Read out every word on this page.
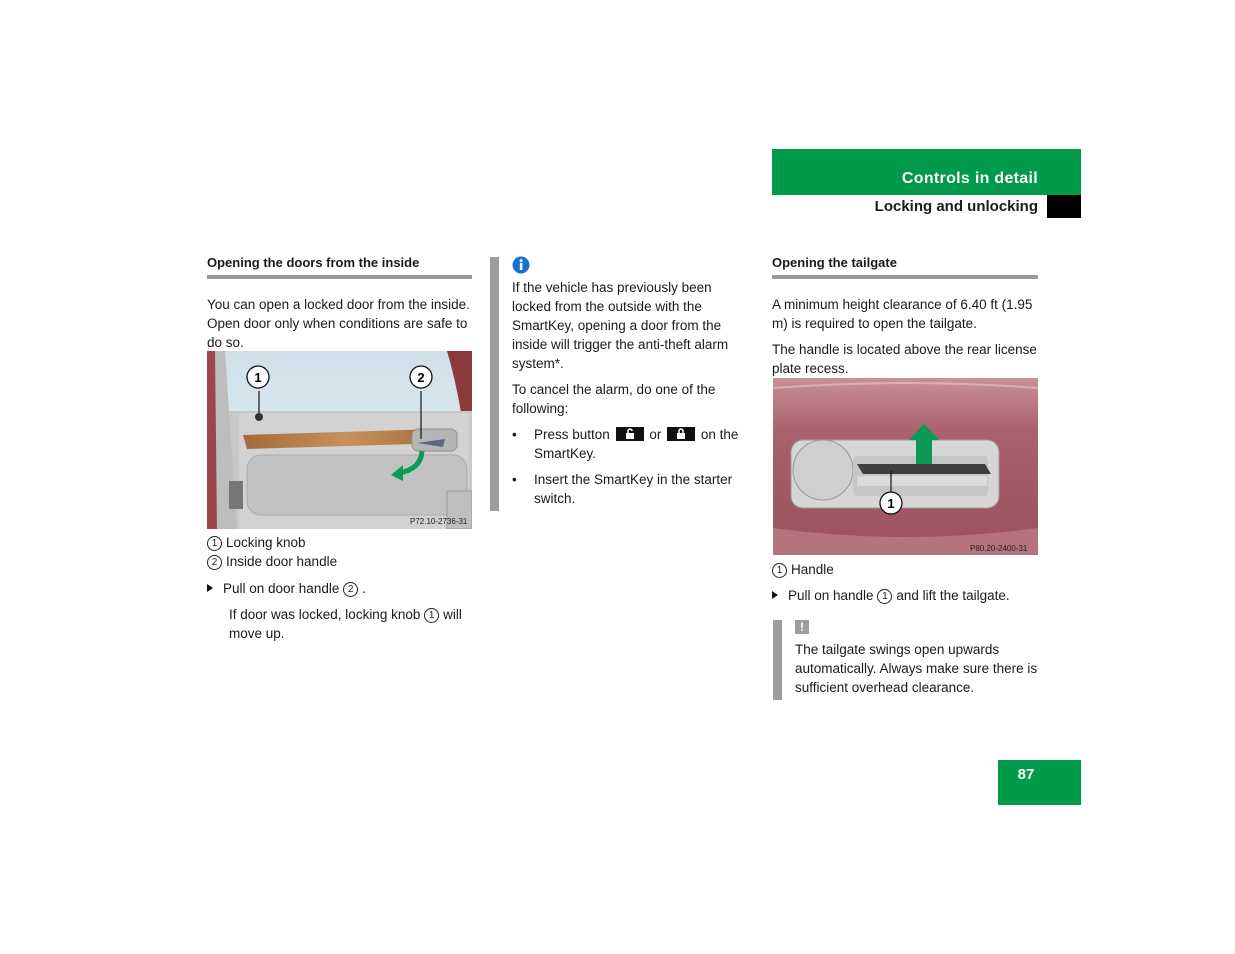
Controls in detail
Locking and unlocking
Opening the doors from the inside

You can open a locked door from the inside. Open door only when conditions are safe to do so.

1	2
P72.10-2736-31
1 Locking knob
2 Inside door handle
Pull on door handle 2 .
If door was locked, locking knob 1 will move up.

If the vehicle has previously been locked from the outside with the SmartKey, opening a door from the inside will trigger the anti-theft alarm system*.

To cancel the alarm, do one of the following:

•	Press button	or	on the SmartKey.
•	Insert the SmartKey in the starter switch.
Opening the tailgate

A minimum height clearance of 6.40 ft (1.95 m) is required to open the tailgate.

The handle is located above the rear license plate recess.

1
P80.20-2400-31
1 Handle
Pull on handle 1 and lift the tailgate.
!
The tailgate swings open upwards automatically. Always make sure there is sufficient overhead clearance.
87
